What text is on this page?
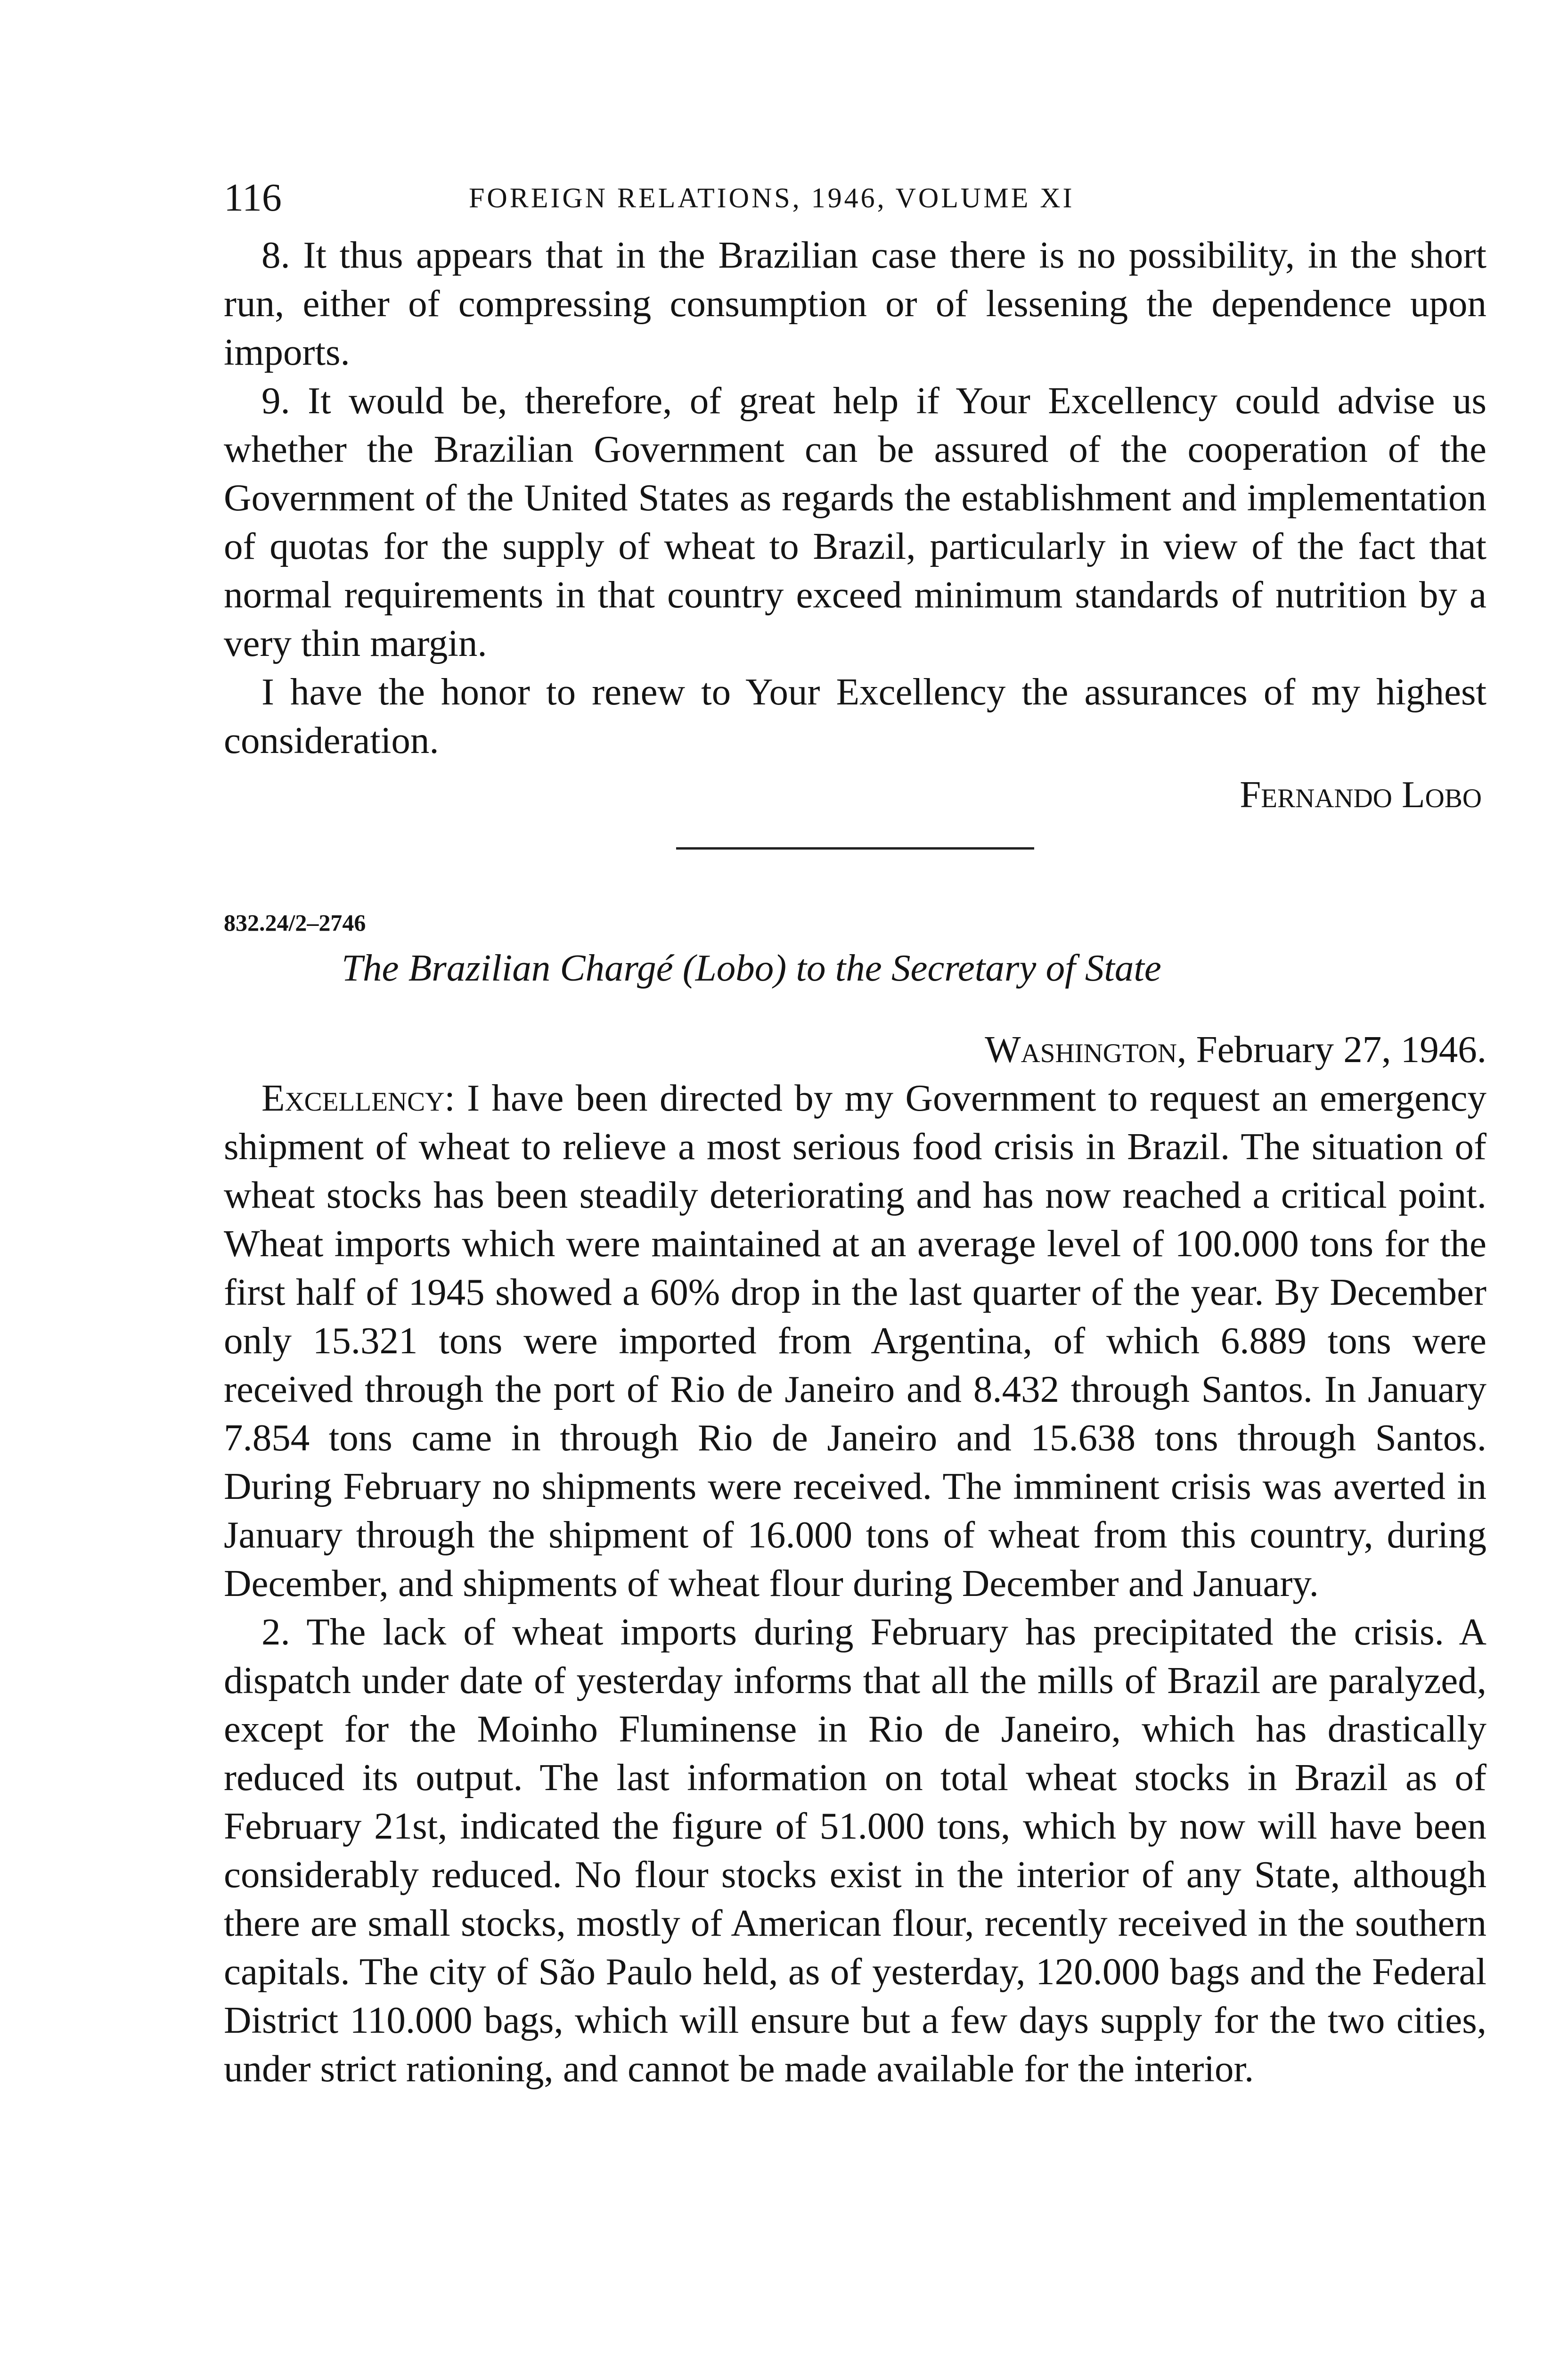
116	FOREIGN RELATIONS, 1946, VOLUME XI

8. It thus appears that in the Brazilian case there is no possibility, in the short run, either of compressing consumption or of lessening the dependence upon imports.

9. It would be, therefore, of great help if Your Excellency could advise us whether the Brazilian Government can be assured of the cooperation of the Government of the United States as regards the establishment and implementation of quotas for the supply of wheat to Brazil, particularly in view of the fact that normal requirements in that country exceed minimum standards of nutrition by a very thin margin.

I have the honor to renew to Your Excellency the assurances of my highest consideration.

Fernando Lobo
832.24/2–2746
The Brazilian Chargé (Lobo) to the Secretary of State
Washington, February 27, 1946.

Excellency: I have been directed by my Government to request an emergency shipment of wheat to relieve a most serious food crisis in Brazil. The situation of wheat stocks has been steadily deteriorating and has now reached a critical point. Wheat imports which were maintained at an average level of 100.000 tons for the first half of 1945 showed a 60% drop in the last quarter of the year. By December only 15.321 tons were imported from Argentina, of which 6.889 tons were received through the port of Rio de Janeiro and 8.432 through Santos. In January 7.854 tons came in through Rio de Janeiro and 15.638 tons through Santos. During February no shipments were received. The imminent crisis was averted in January through the shipment of 16.000 tons of wheat from this country, during December, and shipments of wheat flour during December and January.

2. The lack of wheat imports during February has precipitated the crisis. A dispatch under date of yesterday informs that all the mills of Brazil are paralyzed, except for the Moinho Fluminense in Rio de Janeiro, which has drastically reduced its output. The last information on total wheat stocks in Brazil as of February 21st, indicated the figure of 51.000 tons, which by now will have been considerably reduced. No flour stocks exist in the interior of any State, although there are small stocks, mostly of American flour, recently received in the southern capitals. The city of São Paulo held, as of yesterday, 120.000 bags and the Federal District 110.000 bags, which will ensure but a few days supply for the two cities, under strict rationing, and cannot be made available for the interior.
